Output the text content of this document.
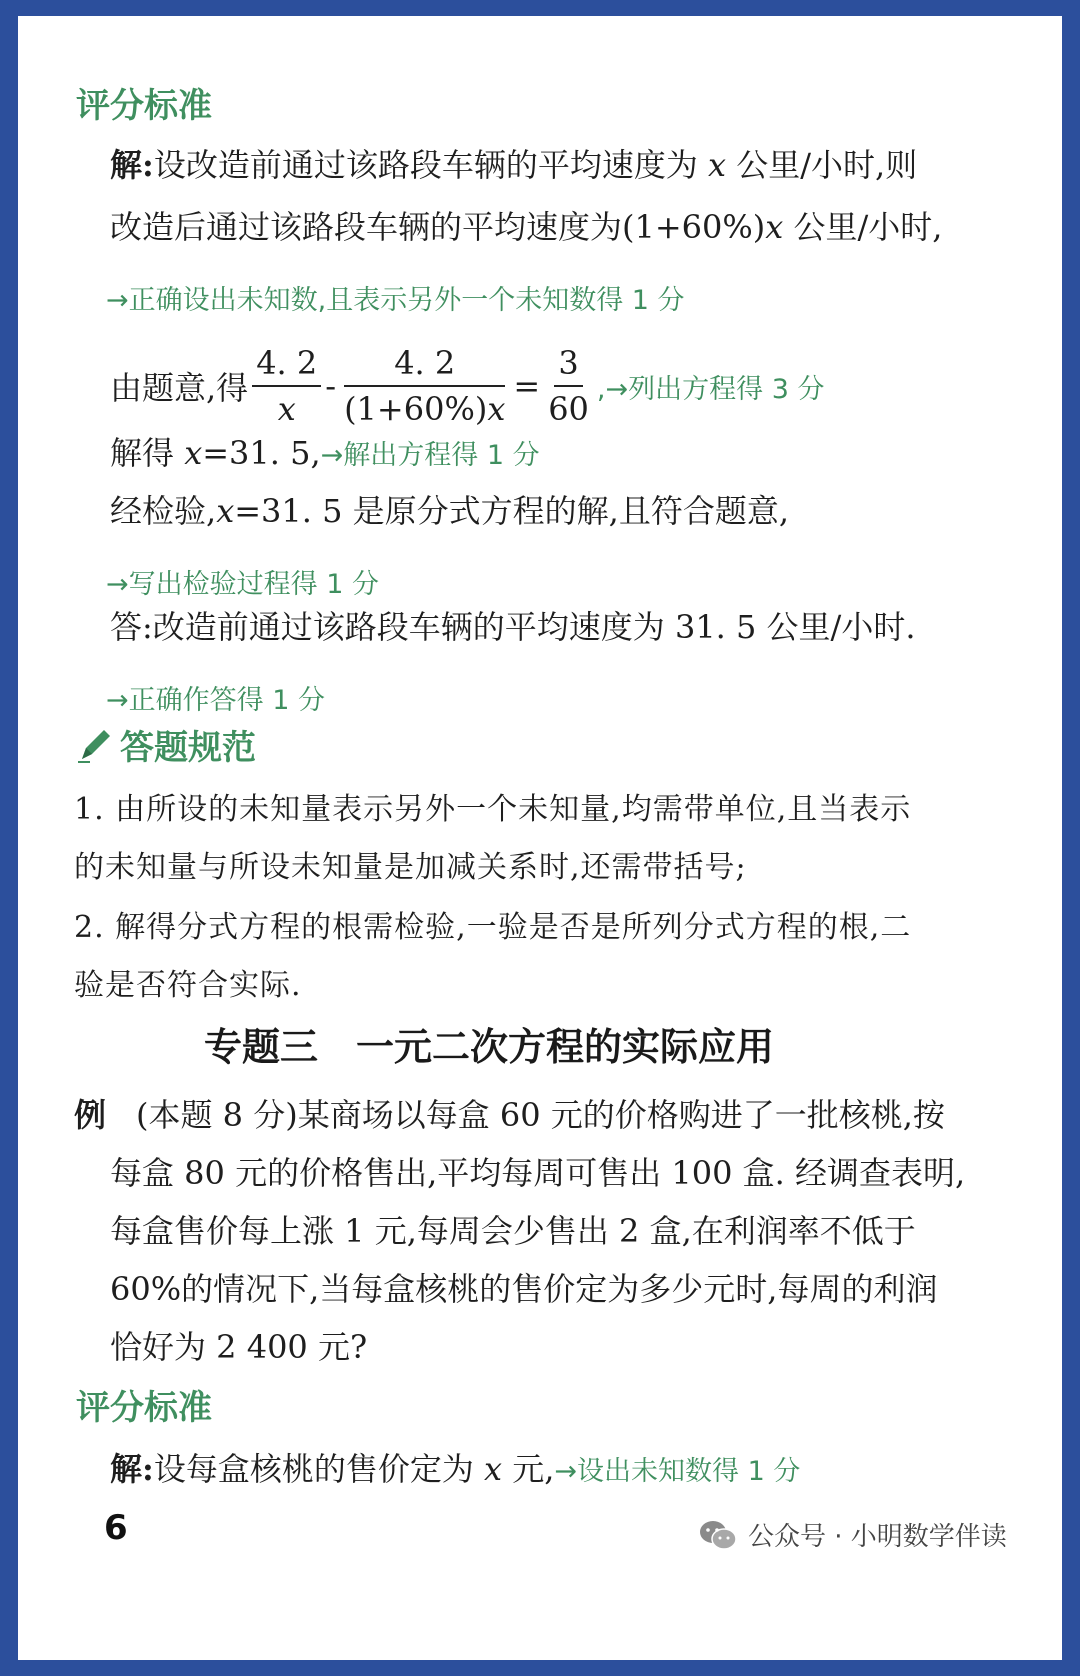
评分标准
解:设改造前通过该路段车辆的平均速度为 x 公里/小时,则
改造后通过该路段车辆的平均速度为(1+60%)x 公里/小时,
→正确设出未知数,且表示另外一个未知数得 1 分
由题意,得 $\frac{4. 2}{x} - \frac{4. 2}{(1+60\%)x} = \frac{3}{60}$ ,→列出方程得 3 分
解得 x=31. 5,→解出方程得 1 分
经检验,x=31. 5 是原分式方程的解,且符合题意,
→写出检验过程得 1 分
答:改造前通过该路段车辆的平均速度为 31. 5 公里/小时.
→正确作答得 1 分
答题规范
1. 由所设的未知量表示另外一个未知量,均需带单位,且当表示
的未知量与所设未知量是加减关系时,还需带括号;
2. 解得分式方程的根需检验,一验是否是所列分式方程的根,二
验是否符合实际.
专题三　一元二次方程的实际应用
例 (本题 8 分)某商场以每盒 60 元的价格购进了一批核桃,按
每盒 80 元的价格售出,平均每周可售出 100 盒. 经调查表明,
每盒售价每上涨 1 元,每周会少售出 2 盒,在利润率不低于
60%的情况下,当每盒核桃的售价定为多少元时,每周的利润
恰好为 2 400 元?
评分标准
解:设每盒核桃的售价定为 x 元,→设出未知数得 1 分
6	公众号 · 小明数学伴读
